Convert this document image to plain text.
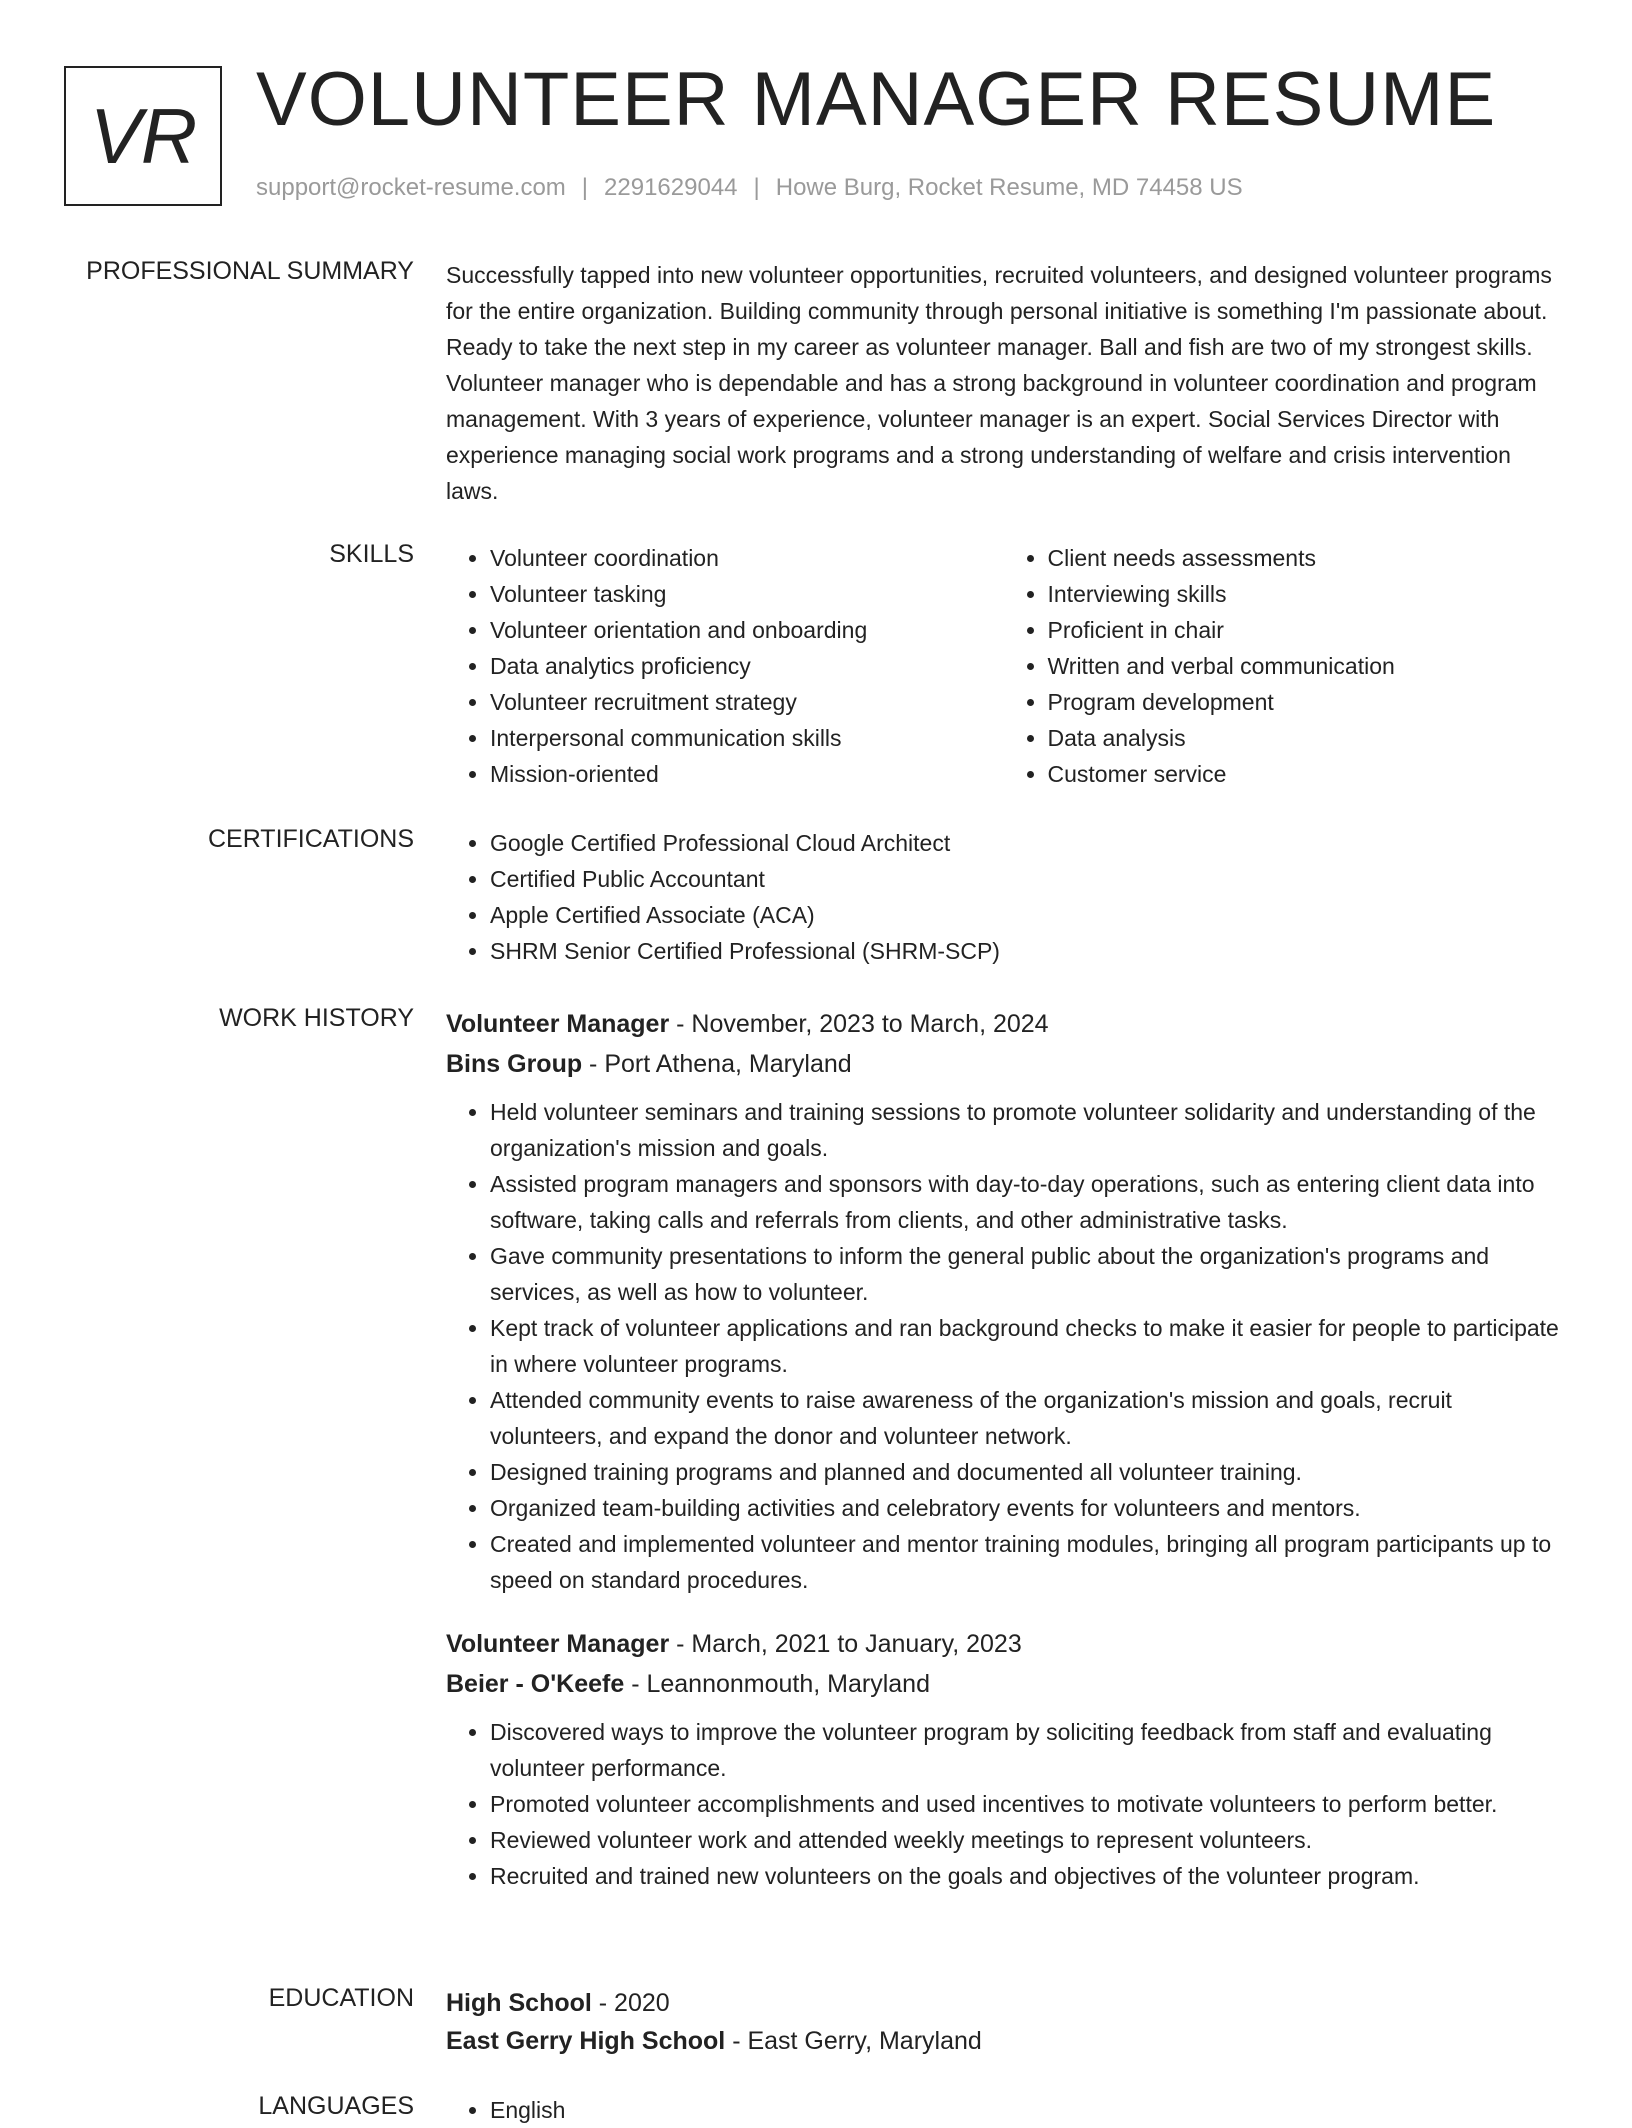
VR VOLUNTEER MANAGER RESUME
support@rocket-resume.com | 2291629044 | Howe Burg, Rocket Resume, MD 74458 US
PROFESSIONAL SUMMARY Successfully tapped into new volunteer opportunities, recruited volunteers, and designed volunteer programs for the entire organization. Building community through personal initiative is something I'm passionate about. Ready to take the next step in my career as volunteer manager. Ball and fish are two of my strongest skills. Volunteer manager who is dependable and has a strong background in volunteer coordination and program management. With 3 years of experience, volunteer manager is an expert. Social Services Director with experience managing social work programs and a strong understanding of welfare and crisis intervention laws.

SKILLS	• Volunteer coordination
• Volunteer tasking
• Volunteer orientation and onboarding
• Data analytics proficiency
• Volunteer recruitment strategy
• Interpersonal communication skills
• Mission-oriented
• Client needs assessments
• Interviewing skills
• Proficient in chair
• Written and verbal communication
• Program development
• Data analysis
• Customer service
CERTIFICATIONS	• Google Certified Professional Cloud Architect
• Certified Public Accountant
• Apple Certified Associate (ACA)
• SHRM Senior Certified Professional (SHRM-SCP)
WORK HISTORY Volunteer Manager - November, 2023 to March, 2024
Bins Group - Port Athena, Maryland
• Held volunteer seminars and training sessions to promote volunteer solidarity and understanding of the organization's mission and goals.
• Assisted program managers and sponsors with day-to-day operations, such as entering client data into software, taking calls and referrals from clients, and other administrative tasks.
• Gave community presentations to inform the general public about the organization's programs and services, as well as how to volunteer.
• Kept track of volunteer applications and ran background checks to make it easier for people to participate in where volunteer programs.
• Attended community events to raise awareness of the organization's mission and goals, recruit volunteers, and expand the donor and volunteer network.
• Designed training programs and planned and documented all volunteer training.
• Organized team-building activities and celebratory events for volunteers and mentors.
• Created and implemented volunteer and mentor training modules, bringing all program participants up to speed on standard procedures.
Volunteer Manager - March, 2021 to January, 2023
Beier - O'Keefe - Leannonmouth, Maryland
• Discovered ways to improve the volunteer program by soliciting feedback from staff and evaluating volunteer performance.
• Promoted volunteer accomplishments and used incentives to motivate volunteers to perform better.
• Reviewed volunteer work and attended weekly meetings to represent volunteers.
• Recruited and trained new volunteers on the goals and objectives of the volunteer program.
EDUCATION High School - 2020
East Gerry High School - East Gerry, Maryland
LANGUAGES	• English
